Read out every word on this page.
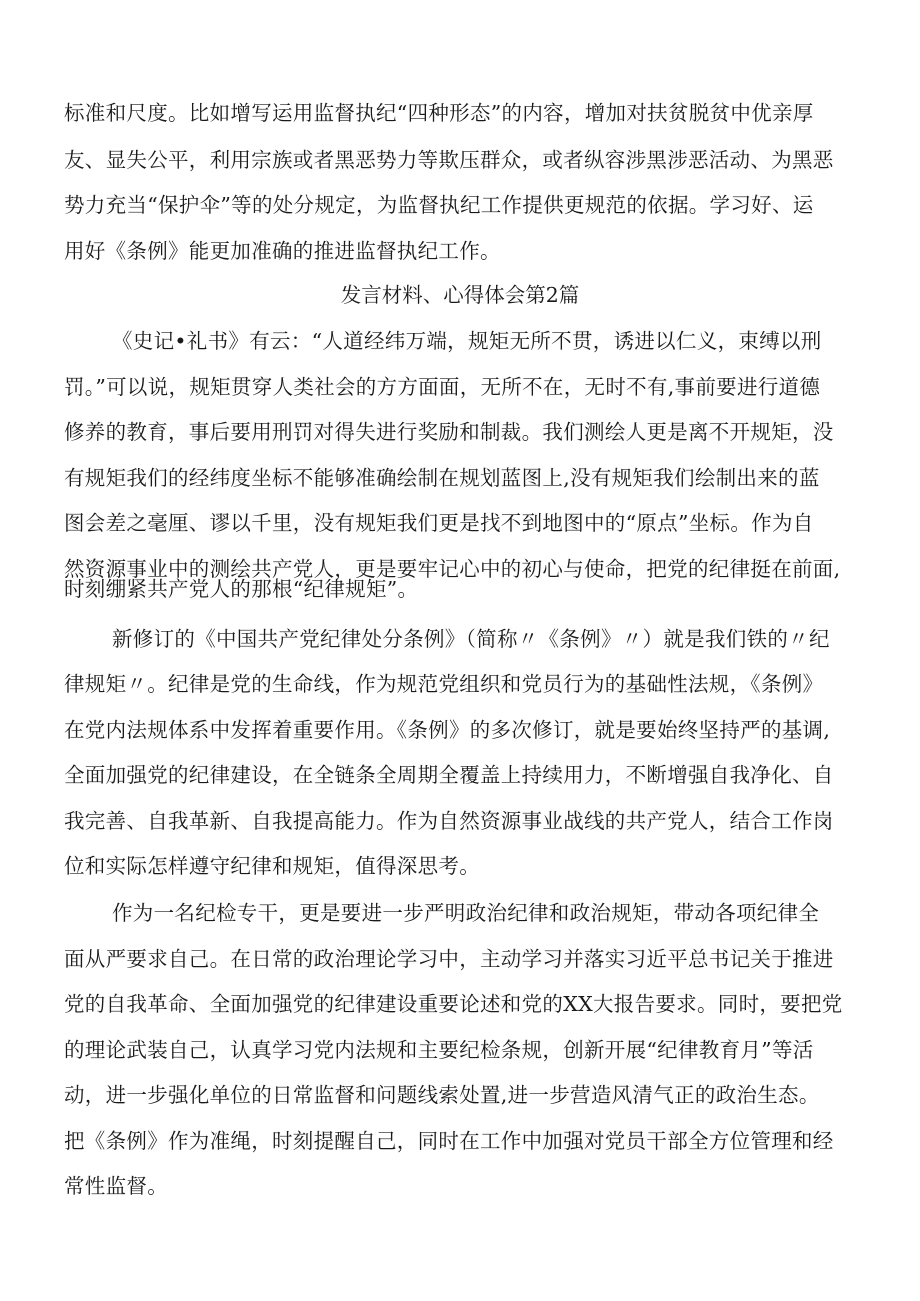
标准和尺度。比如增写运用监督执纪“四种形态”的内容，增加对扶贫脱贫中优亲厚
友、显失公平，利用宗族或者黑恶势力等欺压群众，或者纵容涉黑涉恶活动、为黑恶
势力充当“保护伞”等的处分规定，为监督执纪工作提供更规范的依据。学习好、运
用好《条例》能更加准确的推进监督执纪工作。
发言材料、心得体会第2篇
《史记•礼书》有云：“人道经纬万端，规矩无所不贯，诱进以仁义，束缚以刑
罚。”可以说，规矩贯穿人类社会的方方面面，无所不在，无时不有,事前要进行道德
修养的教育，事后要用刑罚对得失进行奖励和制裁。我们测绘人更是离不开规矩，没
有规矩我们的经纬度坐标不能够准确绘制在规划蓝图上,没有规矩我们绘制出来的蓝
图会差之毫厘、谬以千里，没有规矩我们更是找不到地图中的“原点”坐标。作为自
然资源事业中的测绘共产党人，更是要牢记心中的初心与使命，把党的纪律挺在前面,
时刻绷紧共产党人的那根“纪律规矩”。
新修订的《中国共产党纪律处分条例》（简称〃《条例》〃）就是我们铁的〃纪
律规矩〃。纪律是党的生命线，作为规范党组织和党员行为的基础性法规，《条例》
在党内法规体系中发挥着重要作用。《条例》的多次修订，就是要始终坚持严的基调,
全面加强党的纪律建设，在全链条全周期全覆盖上持续用力，不断增强自我净化、自
我完善、自我革新、自我提高能力。作为自然资源事业战线的共产党人，结合工作岗
位和实际怎样遵守纪律和规矩，值得深思考。
作为一名纪检专干，更是要进一步严明政治纪律和政治规矩，带动各项纪律全
面从严要求自己。在日常的政治理论学习中，主动学习并落实习近平总书记关于推进
党的自我革命、全面加强党的纪律建设重要论述和党的XX大报告要求。同时，要把党
的理论武装自己，认真学习党内法规和主要纪检条规，创新开展“纪律教育月”等活
动，进一步强化单位的日常监督和问题线索处置,进一步营造风清气正的政治生态。
把《条例》作为准绳，时刻提醒自己，同时在工作中加强对党员干部全方位管理和经
常性监督。
